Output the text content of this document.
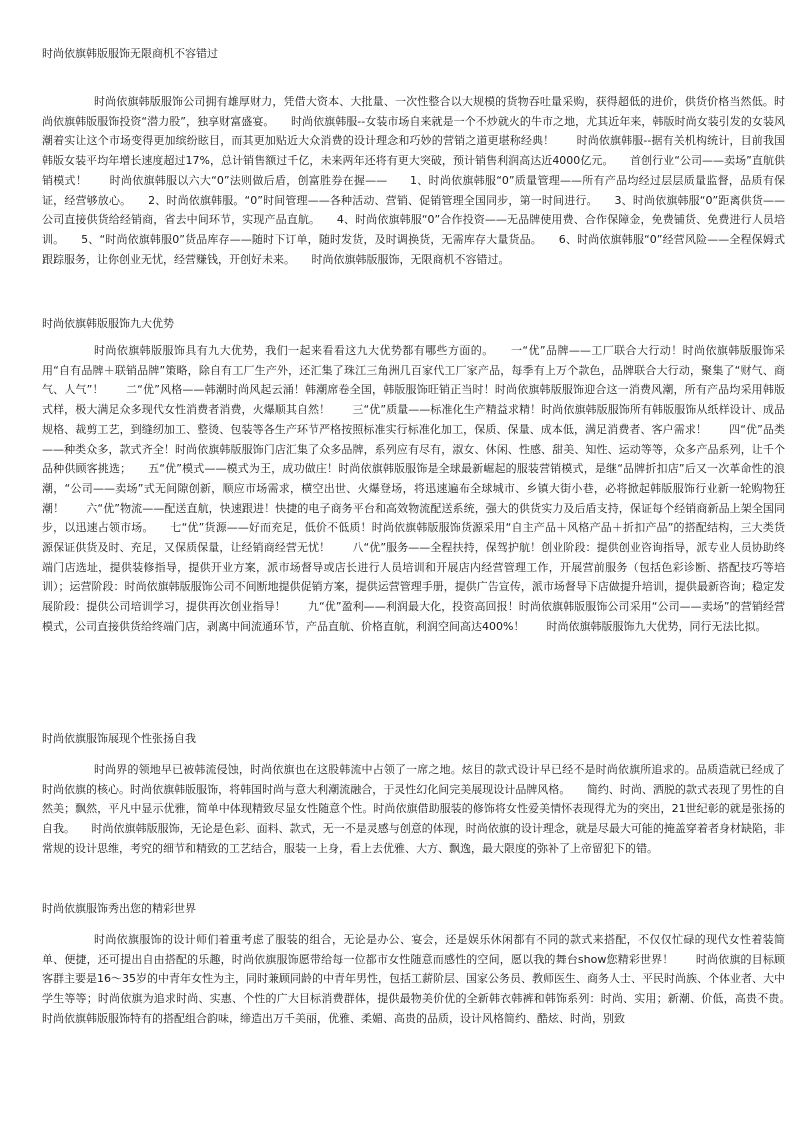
时尚依旗韩版服饰无限商机不容错过

时尚依旗韩版服饰公司拥有雄厚财力，凭借大资本、大批量、一次性整合以大规模的货物吞吐量采购，获得超低的进价，供货价格当然低。时尚依旗韩版服饰投资“潜力股”，独享财富盛宴。　　时尚依旗韩服--女装市场自来就是一个不炒就火的牛市之地，尤其近年来，韩版时尚女装引发的女装风潮着实让这个市场变得更加缤纷眩目，而其更加贴近大众消费的设计理念和巧妙的营销之道更堪称经典！　　时尚依旗韩服--据有关机构统计，目前我国韩版女装平均年增长速度超过17%，总计销售额过千亿，未来两年还将有更大突破，预计销售利润高达近4000亿元。　　首创行业“公司——卖场”直航供销模式！　　时尚依旗韩服以六大“0”法则做后盾，创富胜券在握——　　1、时尚依旗韩服“0”质量管理——所有产品均经过层层质量监督，品质有保证，经营够放心。　　2、时尚依旗韩服。“0”时间管理——各种活动、营销、促销管理全国同步，第一时间进行。　　3、时尚依旗韩服“0”距离供货——公司直接供货给经销商，省去中间环节，实现产品直航。　　4、时尚依旗韩服“0”合作投资——无品牌使用费、合作保障金，免费铺货、免费进行人员培训。　　5、“时尚依旗韩服0”货品库存——随时下订单，随时发货，及时调换货，无需库存大量货品。　　6、时尚依旗韩服“0”经营风险——全程保姆式跟踪服务，让你创业无忧，经营赚钱，开创好未来。　　时尚依旗韩版服饰，无限商机不容错过。

时尚依旗韩版服饰九大优势

时尚依旗韩版服饰具有九大优势，我们一起来看看这九大优势都有哪些方面的。　　一“优”品牌——工厂联合大行动！时尚依旗韩版服饰采用“自有品牌＋联销品牌”策略，除自有工厂生产外，还汇集了珠江三角洲几百家代工厂家产品，每季有上万个款色，品牌联合大行动，聚集了“财气、商气、人气”！　　二“优”风格——韩潮时尚风起云涌！韩潮席卷全国，韩版服饰旺销正当时！时尚依旗韩版服饰迎合这一消费风潮，所有产品均采用韩版式样，极大满足众多现代女性消费者消费，火爆顺其自然！　　三“优”质量——标准化生产精益求精！时尚依旗韩版服饰所有韩版服饰从纸样设计、成品规格、裁剪工艺，到缝纫加工、整烫、包装等各生产环节严格按照标准实行标准化加工，保质、保量、成本低，满足消费者、客户需求！　　四“优”品类——种类众多，款式齐全！时尚依旗韩版服饰门店汇集了众多品牌，系列应有尽有，淑女、休闲、性感、甜美、知性、运动等等，众多产品系列，让千个品种供顾客挑选；　　五“优”模式——模式为王，成功做庄！时尚依旗韩版服饰是全球最新崛起的服装营销模式，是继“品牌折扣店”后又一次革命性的浪潮，“公司——卖场”式无间隙创新，顺应市场需求，横空出世、火爆登场，将迅速遍布全球城市、乡镇大街小巷，必将掀起韩版服饰行业新一轮购物狂潮！　　六“优”物流——配送直航，快速跟进！快捷的电子商务平台和高效物流配送系统，强大的供货实力及后盾支持，保证每个经销商新品上架全国同步，以迅速占领市场。　　七“优”货源——好而充足，低价不低质！时尚依旗韩版服饰货源采用“自主产品＋风格产品＋折扣产品”的搭配结构，三大类货源保证供货及时、充足，又保质保量，让经销商经营无忧！　　八“优”服务——全程扶持，保驾护航！创业阶段：提供创业咨询指导，派专业人员协助终端门店选址，提供装修指导，提供开业方案，派市场督导或店长进行人员培训和开展店内经营管理工作，开展营前服务（包括色彩诊断、搭配技巧等培训）；运营阶段：时尚依旗韩版服饰公司不间断地提供促销方案，提供运营管理手册，提供广告宣传，派市场督导下店做提升培训，提供最新咨询；稳定发展阶段：提供公司培训学习，提供再次创业指导！　　九“优”盈利——利润最大化，投资高回报！时尚依旗韩版服饰公司采用“公司——卖场”的营销经营模式，公司直接供货给终端门店，剥离中间流通环节，产品直航、价格直航，利润空间高达400%！　　时尚依旗韩版服饰九大优势，同行无法比拟。

时尚依旗服饰展现个性张扬自我

时尚界的领地早已被韩流侵蚀，时尚依旗也在这股韩流中占领了一席之地。炫目的款式设计早已经不是时尚依旗所追求的。品质造就已经成了时尚依旗的核心。时尚依旗韩版服饰，将韩国时尚与意大利潮流融合，于灵性幻化间完美展现设计品牌风格。　　简约、时尚、洒脱的款式表现了男性的自然美；飘然，平凡中显示优雅，简单中体现精致尽显女性随意个性。时尚依旗借助服装的修饰将女性爱美情怀表现得尤为的突出，21世纪彰的就是张扬的自我。　　时尚依旗韩版服饰，无论是色彩、面料、款式，无一不是灵感与创意的体现，时尚依旗的设计理念，就是尽最大可能的掩盖穿着者身材缺陷，非常规的设计思维，考究的细节和精致的工艺结合，服装一上身，看上去优雅、大方、飘逸，最大限度的弥补了上帝留犯下的错。

时尚依旗服饰秀出您的精彩世界

时尚依旗服饰的设计师们着重考虑了服装的组合，无论是办公、宴会，还是娱乐休闲都有不同的款式来搭配，不仅仅忙碌的现代女性着装简单、便捷，还可提出自由搭配的乐趣，时尚依旗服饰愿带给每一位都市女性随意而感性的空间，愿以我的舞台show您精彩世界！　　时尚依旗的目标顾客群主要是16～35岁的中青年女性为主，同时兼顾同龄的中青年男性，包括工薪阶层、国家公务员、教师医生、商务人士、平民时尚族、个体业者、大中学生等等；时尚依旗为追求时尚、实惠、个性的广大目标消费群体，提供最物美价优的全新韩衣韩裤和韩饰系列：时尚、实用；新潮、价低，高贵不贵。　　时尚依旗韩版服饰特有的搭配组合韵味，缔造出万千美丽，优雅、柔媚、高贵的品质，设计风格简约、酷炫、时尚，别致
